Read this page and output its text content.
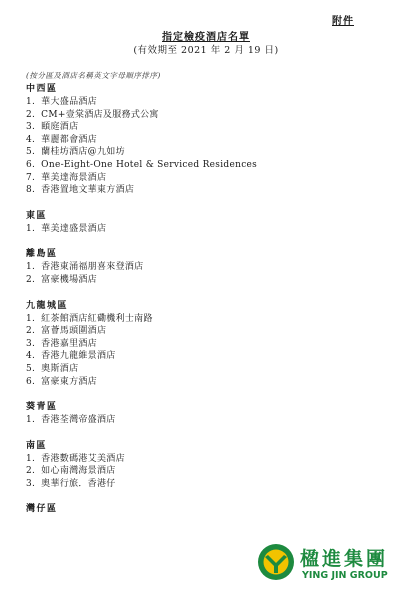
附件
指定檢疫酒店名單
(有效期至 2021 年 2 月 19 日)
(按分區及酒店名稱英文字母順序排序)
中西區
1. 華大盛品酒店
2. CM+壹棠酒店及服務式公寓
3. 頤庭酒店
4. 華麗都會酒店
5. 蘭桂坊酒店@九如坊
6. One-Eight-One Hotel & Serviced Residences
7. 華美達海景酒店
8. 香港置地文華東方酒店
東區
1. 華美達盛景酒店
離島區
1. 香港東涌福朋喜來登酒店
2. 富豪機場酒店
九龍城區
1. 紅茶館酒店紅磡機利士南路
2. 富薈馬頭圍酒店
3. 香港嘉里酒店
4. 香港九龍維景酒店
5. 奧斯酒店
6. 富豪東方酒店
葵青區
1. 香港荃灣帝盛酒店
南區
1. 香港數碼港艾美酒店
2. 如心南灣海景酒店
3. 奧華行旅．香港仔
灣仔區
楹進集團
YING JIN GROUP
